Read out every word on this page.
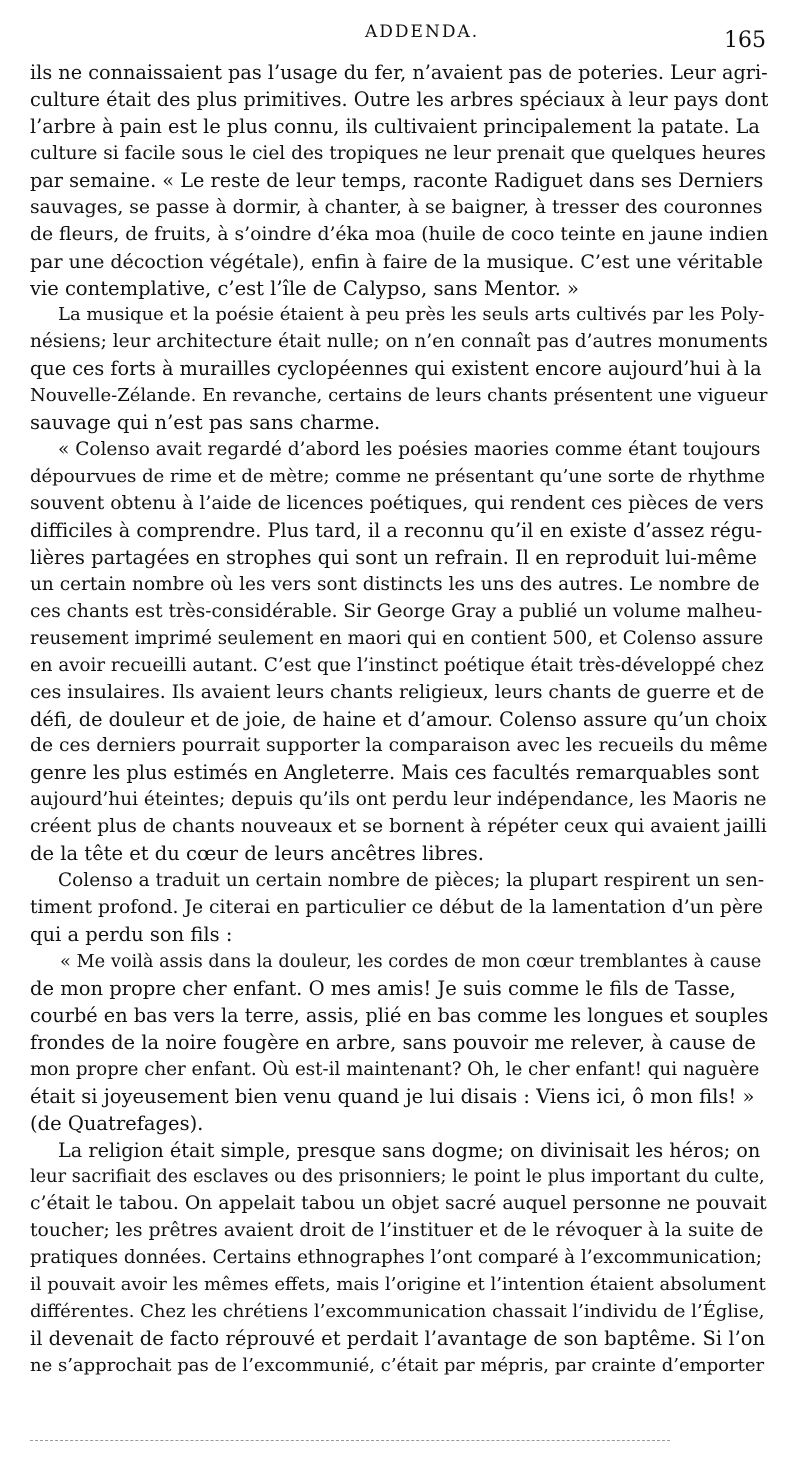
ADDENDA.	165
ils ne connaissaient pas l’usage du fer, n’avaient pas de poteries. Leur agri-
culture était des plus primitives. Outre les arbres spéciaux à leur pays dont
l’arbre à pain est le plus connu, ils cultivaient principalement la patate. La
culture si facile sous le ciel des tropiques ne leur prenait que quelques heures
par semaine. « Le reste de leur temps, raconte Radiguet dans ses Derniers
sauvages, se passe à dormir, à chanter, à se baigner, à tresser des couronnes
de fleurs, de fruits, à s’oindre d’éka moa (huile de coco teinte en jaune indien
par une décoction végétale), enfin à faire de la musique. C’est une véritable
vie contemplative, c’est l’île de Calypso, sans Mentor. »
La musique et la poésie étaient à peu près les seuls arts cultivés par les Poly-
nésiens; leur architecture était nulle; on n’en connaît pas d’autres monuments
que ces forts à murailles cyclopéennes qui existent encore aujourd’hui à la
Nouvelle-Zélande. En revanche, certains de leurs chants présentent une vigueur
sauvage qui n’est pas sans charme.
« Colenso avait regardé d’abord les poésies maories comme étant toujours
dépourvues de rime et de mètre; comme ne présentant qu’une sorte de rhythme
souvent obtenu à l’aide de licences poétiques, qui rendent ces pièces de vers
difficiles à comprendre. Plus tard, il a reconnu qu’il en existe d’assez régu-
lières partagées en strophes qui sont un refrain. Il en reproduit lui-même
un certain nombre où les vers sont distincts les uns des autres. Le nombre de
ces chants est très-considérable. Sir George Gray a publié un volume malheu-
reusement imprimé seulement en maori qui en contient 500, et Colenso assure
en avoir recueilli autant. C’est que l’instinct poétique était très-développé chez
ces insulaires. Ils avaient leurs chants religieux, leurs chants de guerre et de
défi, de douleur et de joie, de haine et d’amour. Colenso assure qu’un choix
de ces derniers pourrait supporter la comparaison avec les recueils du même
genre les plus estimés en Angleterre. Mais ces facultés remarquables sont
aujourd’hui éteintes; depuis qu’ils ont perdu leur indépendance, les Maoris ne
créent plus de chants nouveaux et se bornent à répéter ceux qui avaient jailli
de la tête et du cœur de leurs ancêtres libres.
Colenso a traduit un certain nombre de pièces; la plupart respirent un sen-
timent profond. Je citerai en particulier ce début de la lamentation d’un père
qui a perdu son fils :
« Me voilà assis dans la douleur, les cordes de mon cœur tremblantes à cause
de mon propre cher enfant. O mes amis! Je suis comme le fils de Tasse,
courbé en bas vers la terre, assis, plié en bas comme les longues et souples
frondes de la noire fougère en arbre, sans pouvoir me relever, à cause de
mon propre cher enfant. Où est-il maintenant? Oh, le cher enfant! qui naguère
était si joyeusement bien venu quand je lui disais : Viens ici, ô mon fils! »
(de Quatrefages).
La religion était simple, presque sans dogme; on divinisait les héros; on
leur sacrifiait des esclaves ou des prisonniers; le point le plus important du culte,
c’était le tabou. On appelait tabou un objet sacré auquel personne ne pouvait
toucher; les prêtres avaient droit de l’instituer et de le révoquer à la suite de
pratiques données. Certains ethnographes l’ont comparé à l’excommunication;
il pouvait avoir les mêmes effets, mais l’origine et l’intention étaient absolument
différentes. Chez les chrétiens l’excommunication chassait l’individu de l’Église,
il devenait de facto réprouvé et perdait l’avantage de son baptême. Si l’on
ne s’approchait pas de l’excommunié, c’était par mépris, par crainte d’emporter
